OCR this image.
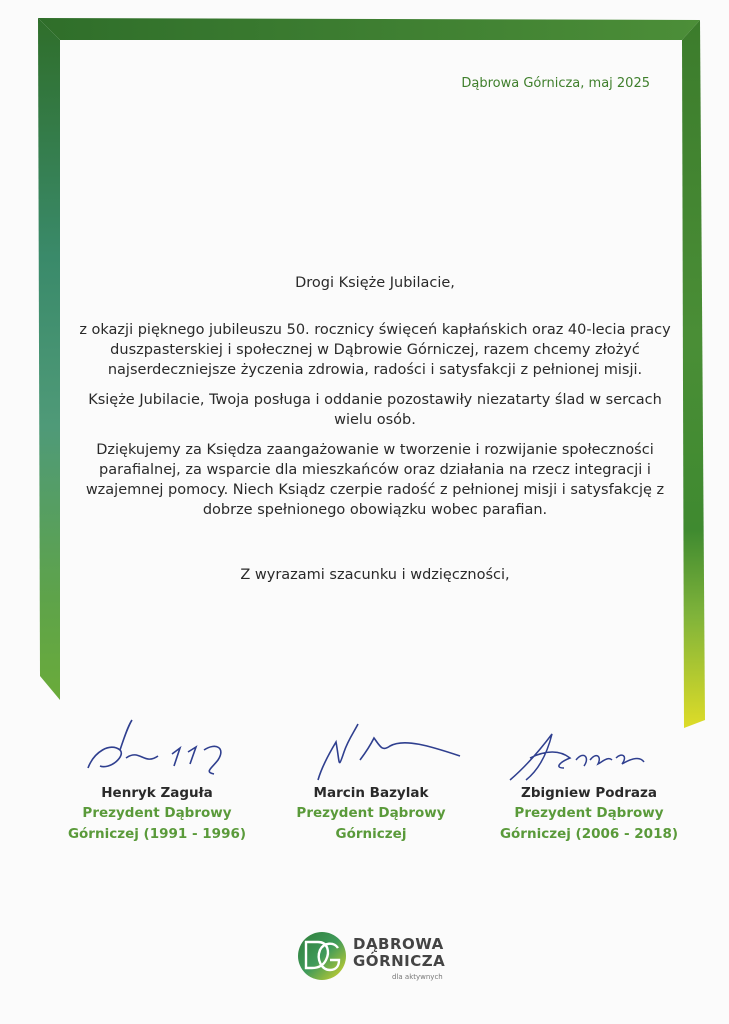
Dąbrowa Górnicza, maj 2025
Drogi Księże Jubilacie,

z okazji pięknego jubileuszu 50. rocznicy święceń kapłańskich oraz 40-lecia pracy duszpasterskiej i społecznej w Dąbrowie Górniczej, razem chcemy złożyć najserdeczniejsze życzenia zdrowia, radości i satysfakcji z pełnionej misji.

Księże Jubilacie, Twoja posługa i oddanie pozostawiły niezatarty ślad w sercach wielu osób.

Dziękujemy za Księdza zaangażowanie w tworzenie i rozwijanie społeczności parafialnej, za wsparcie dla mieszkańców oraz działania na rzecz integracji i wzajemnej pomocy. Niech Ksiądz czerpie radość z pełnionej misji i satysfakcję z dobrze spełnionego obowiązku wobec parafian.

Z wyrazami szacunku i wdzięczności,
Henryk Zaguła
Prezydent Dąbrowy
Górniczej (1991 - 1996)
Marcin Bazylak
Prezydent Dąbrowy
Górniczej
Zbigniew Podraza
Prezydent Dąbrowy
Górniczej (2006 - 2018)
DĄBROWA
GÓRNICZA
dla aktywnych
